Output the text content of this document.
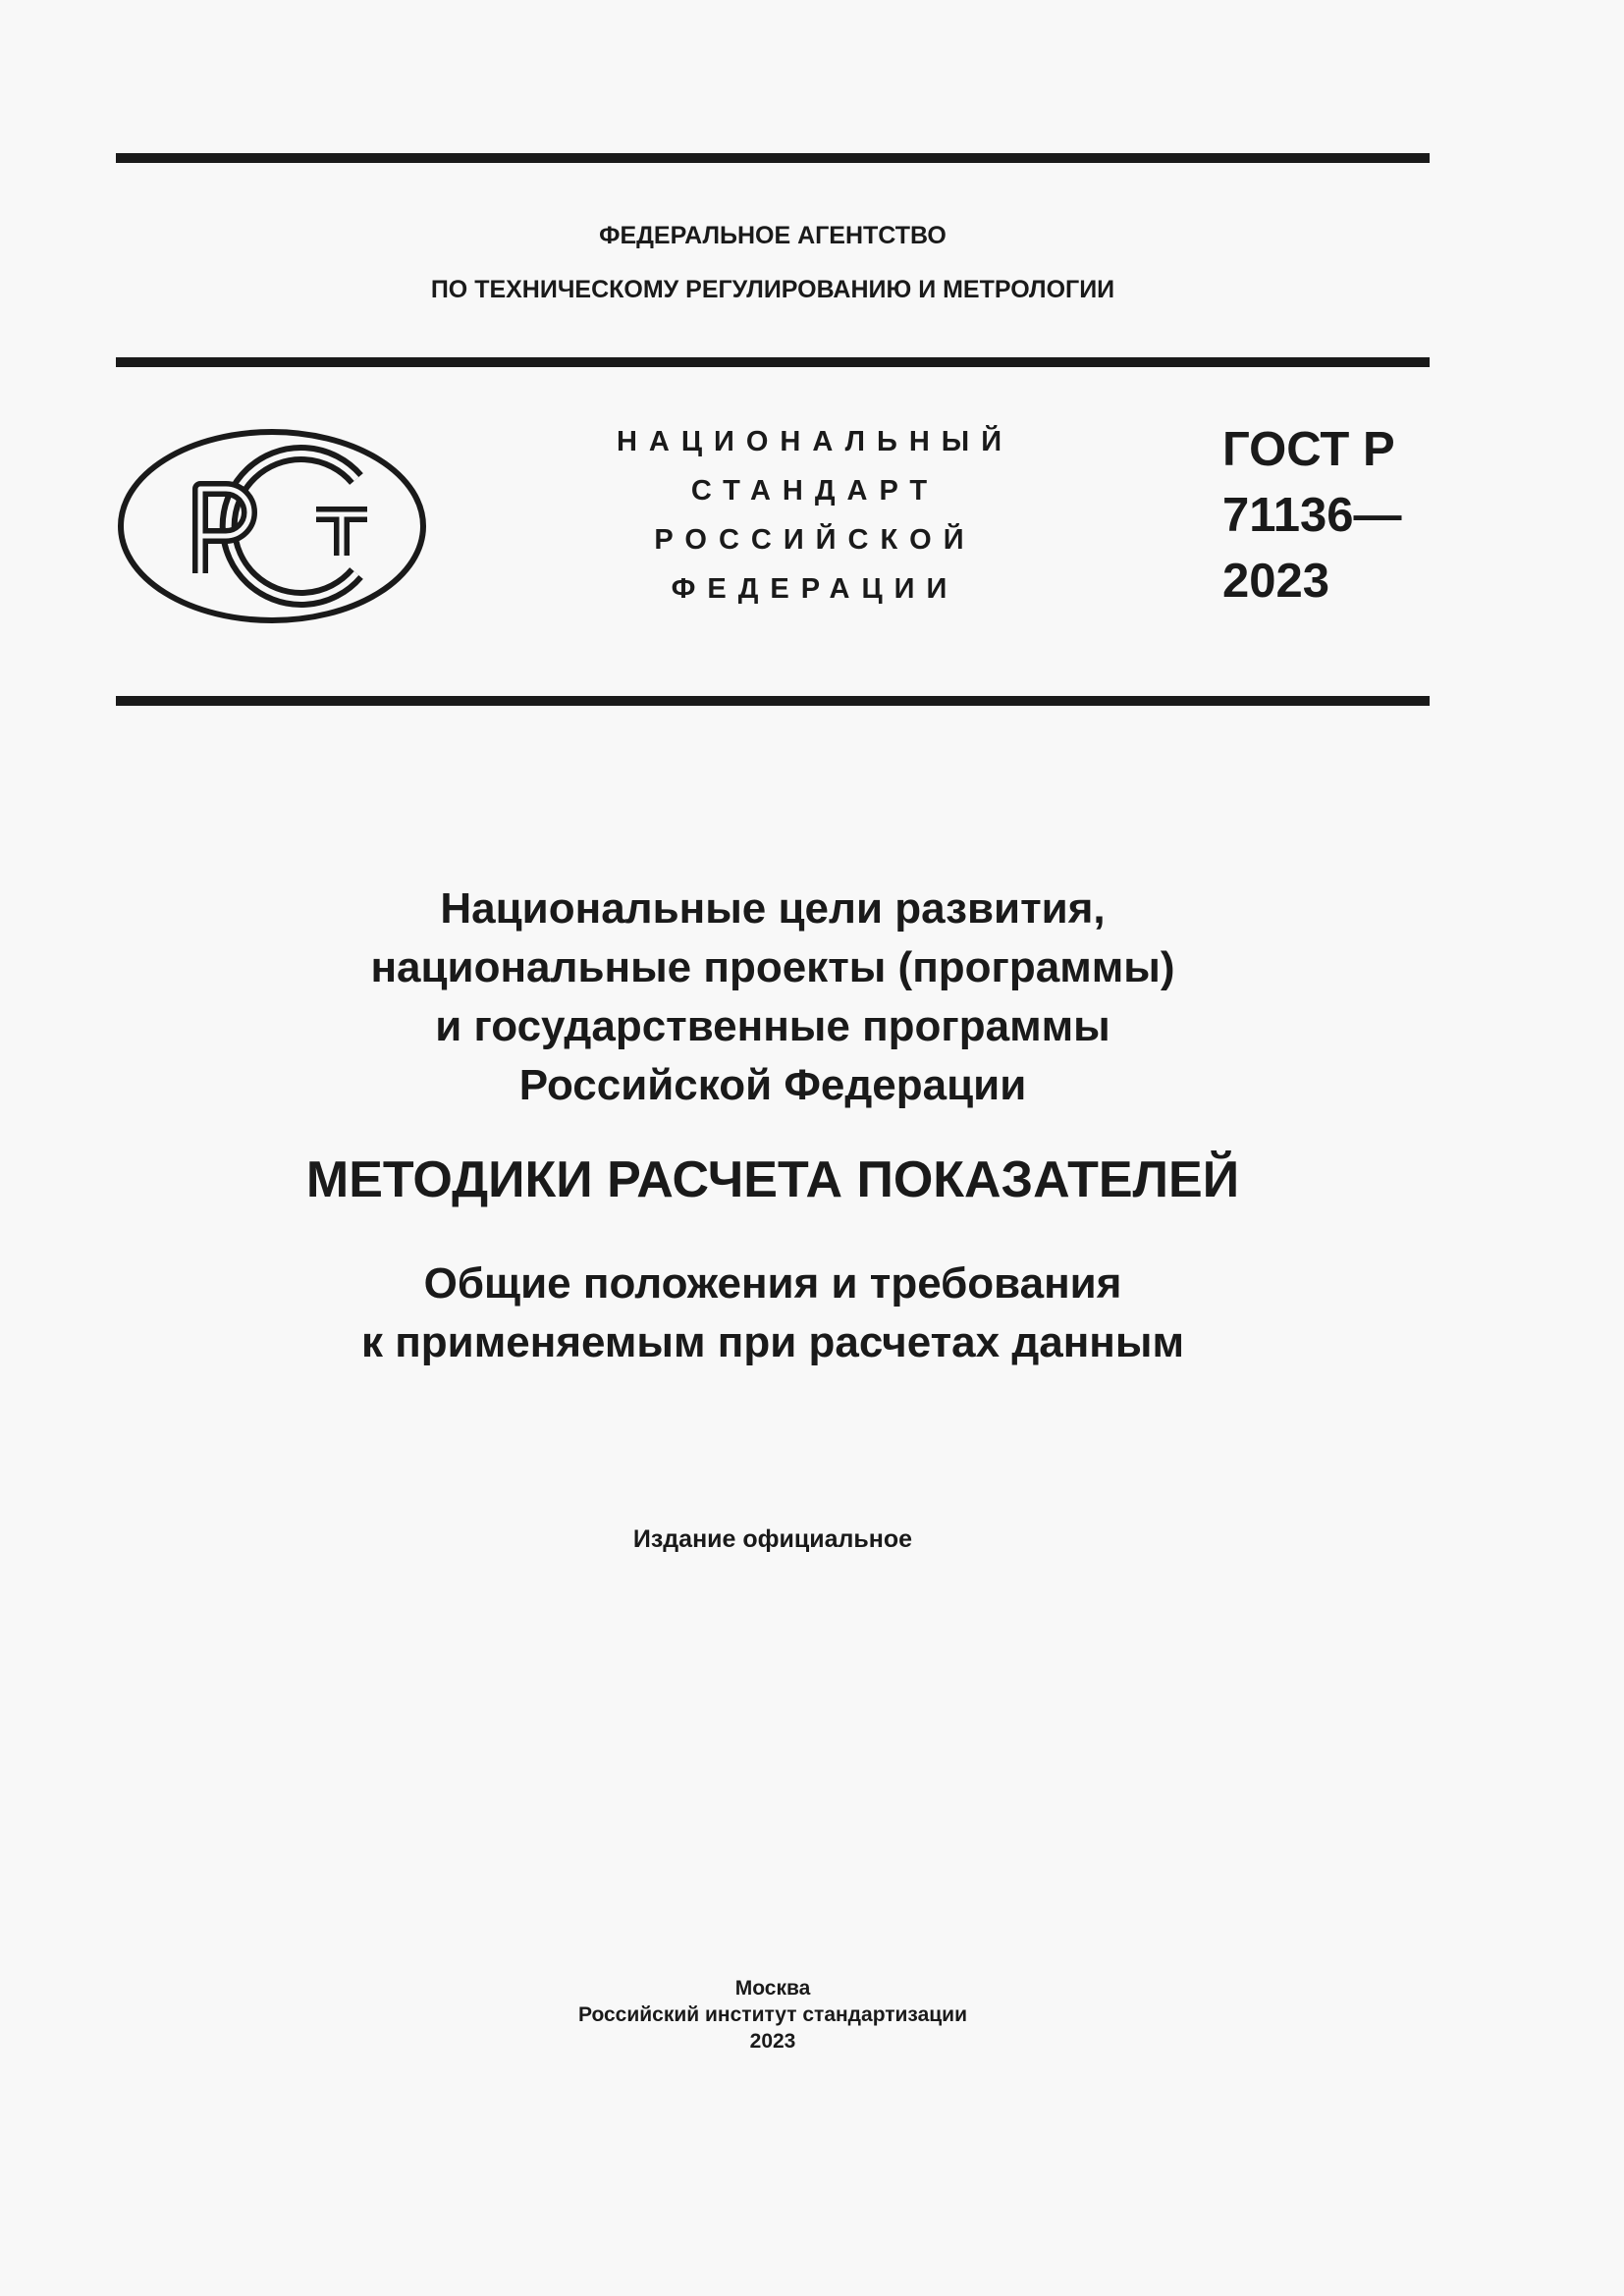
ФЕДЕРАЛЬНОЕ АГЕНТСТВО
ПО ТЕХНИЧЕСКОМУ РЕГУЛИРОВАНИЮ И МЕТРОЛОГИИ
НАЦИОНАЛЬНЫЙ
СТАНДАРТ
РОССИЙСКОЙ
ФЕДЕРАЦИИ
ГОСТ Р
71136—
2023
Национальные цели развития,
национальные проекты (программы)
и государственные программы
Российской Федерации
МЕТОДИКИ РАСЧЕТА ПОКАЗАТЕЛЕЙ
Общие положения и требования
к применяемым при расчетах данным
Издание официальное
Москва
Российский институт стандартизации
2023
